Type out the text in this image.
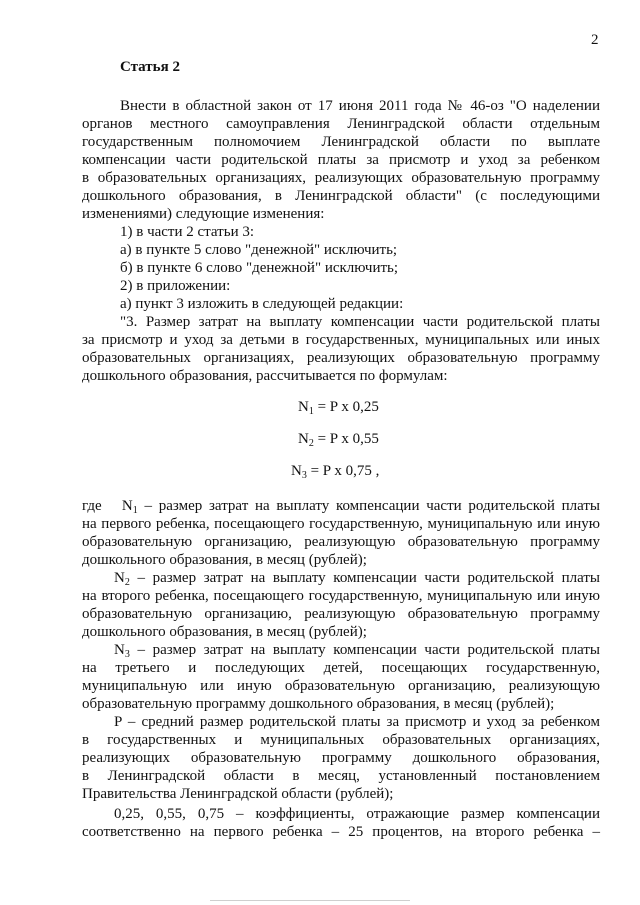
2
Статья 2
Внести в областной закон от 17 июня 2011 года № 46-оз "О наделении
органов местного самоуправления Ленинградской области отдельным
государственным полномочием Ленинградской области по выплате
компенсации части родительской платы за присмотр и уход за ребенком
в образовательных организациях, реализующих образовательную программу
дошкольного образования, в Ленинградской области" (с последующими
изменениями) следующие изменения:
1) в части 2 статьи 3:
а) в пункте 5 слово "денежной" исключить;
б) в пункте 6 слово "денежной" исключить;
2) в приложении:
а) пункт 3 изложить в следующей редакции:
"3. Размер затрат на выплату компенсации части родительской платы
за присмотр и уход за детьми в государственных, муниципальных или иных
образовательных организациях, реализующих образовательную программу
дошкольного образования, рассчитывается по формулам:
$N_1 = P$ x 0,25
$N_2 = P$ x 0,55
$N_3 = P$ x 0,75 ,
где $N_1$ – размер затрат на выплату компенсации части родительской платы
на первого ребенка, посещающего государственную, муниципальную или иную
образовательную организацию, реализующую образовательную программу
дошкольного образования, в месяц (рублей);
$N_2$ – размер затрат на выплату компенсации части родительской платы
на второго ребенка, посещающего государственную, муниципальную или иную
образовательную организацию, реализующую образовательную программу
дошкольного образования, в месяц (рублей);
$N_3$ – размер затрат на выплату компенсации части родительской платы
на третьего и последующих детей, посещающих государственную,
муниципальную или иную образовательную организацию, реализующую
образовательную программу дошкольного образования, в месяц (рублей);
P – средний размер родительской платы за присмотр и уход за ребенком
в государственных и муниципальных образовательных организациях,
реализующих образовательную программу дошкольного образования,
в Ленинградской области в месяц, установленный постановлением
Правительства Ленинградской области (рублей);
0,25, 0,55, 0,75 – коэффициенты, отражающие размер компенсации
соответственно на первого ребенка – 25 процентов, на второго ребенка –
